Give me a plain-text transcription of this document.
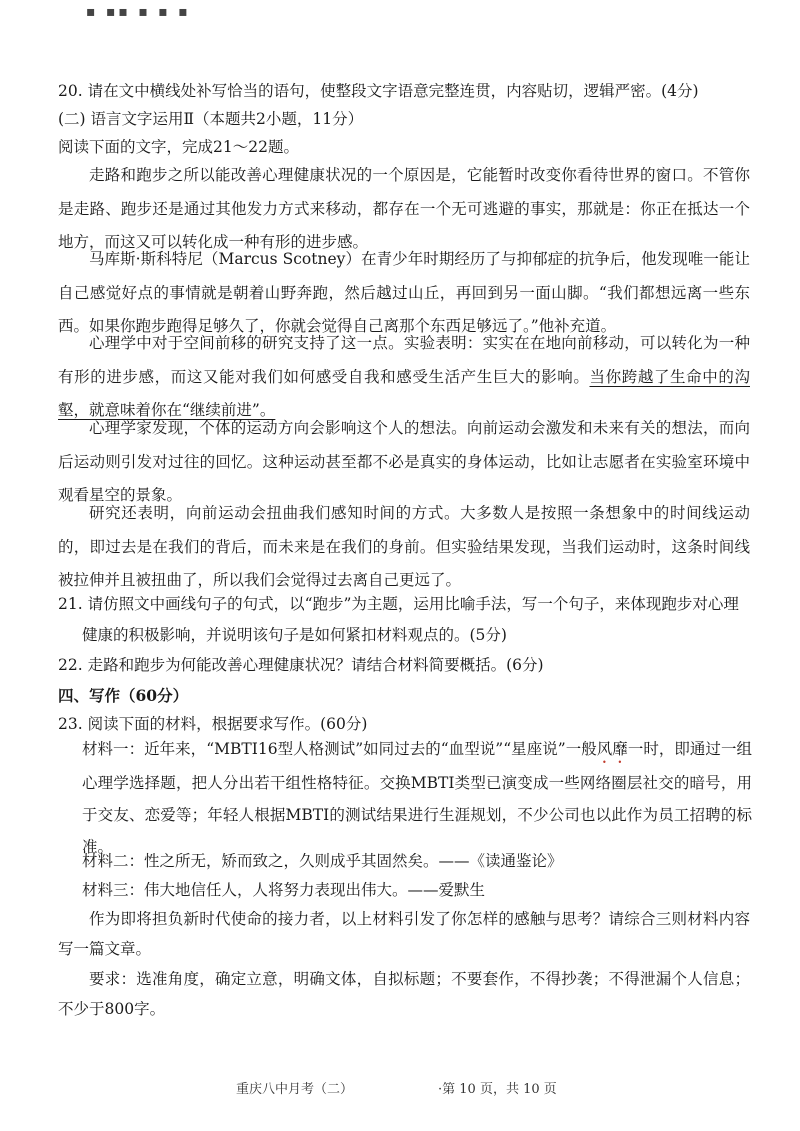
▪ ▪▪ ▪ ▪ ▪
20. 请在文中横线处补写恰当的语句，使整段文字语意完整连贯，内容贴切，逻辑严密。(4分)
(二) 语言文字运用Ⅱ（本题共2小题，11分）
阅读下面的文字，完成21～22题。
走路和跑步之所以能改善心理健康状况的一个原因是，它能暂时改变你看待世界的窗口。不管你是走路、跑步还是通过其他发力方式来移动，都存在一个无可逃避的事实，那就是：你正在抵达一个地方，而这又可以转化成一种有形的进步感。
马库斯·斯科特尼（Marcus Scotney）在青少年时期经历了与抑郁症的抗争后，他发现唯一能让自己感觉好点的事情就是朝着山野奔跑，然后越过山丘，再回到另一面山脚。“我们都想远离一些东西。如果你跑步跑得足够久了，你就会觉得自己离那个东西足够远了。”他补充道。
心理学中对于空间前移的研究支持了这一点。实验表明：实实在在地向前移动，可以转化为一种有形的进步感，而这又能对我们如何感受自我和感受生活产生巨大的影响。当你跨越了生命中的沟壑，就意味着你在“继续前进”。
心理学家发现，个体的运动方向会影响这个人的想法。向前运动会激发和未来有关的想法，而向后运动则引发对过往的回忆。这种运动甚至都不必是真实的身体运动，比如让志愿者在实验室环境中观看星空的景象。
研究还表明，向前运动会扭曲我们感知时间的方式。大多数人是按照一条想象中的时间线运动的，即过去是在我们的背后，而未来是在我们的身前。但实验结果发现，当我们运动时，这条时间线被拉伸并且被扭曲了，所以我们会觉得过去离自己更远了。
21. 请仿照文中画线句子的句式，以“跑步”为主题，运用比喻手法，写一个句子，来体现跑步对心理健康的积极影响，并说明该句子是如何紧扣材料观点的。(5分)
22. 走路和跑步为何能改善心理健康状况？请结合材料简要概括。(6分)
四、写作（60分）
23. 阅读下面的材料，根据要求写作。(60分)
材料一：近年来，“MBTI16型人格测试”如同过去的“血型说”“星座说”一般风靡一时，即通过一组心理学选择题，把人分出若干组性格特征。交换MBTI类型已演变成一些网络圈层社交的暗号，用于交友、恋爱等；年轻人根据MBTI的测试结果进行生涯规划，不少公司也以此作为员工招聘的标准。
材料二：性之所无，矫而致之，久则成乎其固然矣。——《读通鉴论》
材料三：伟大地信任人，人将努力表现出伟大。——爱默生
作为即将担负新时代使命的接力者，以上材料引发了你怎样的感触与思考？请综合三则材料内容写一篇文章。
要求：选准角度，确定立意，明确文体，自拟标题；不要套作，不得抄袭；不得泄漏个人信息；不少于800字。
重庆八中月考（二）	·第 10 页，共 10 页
